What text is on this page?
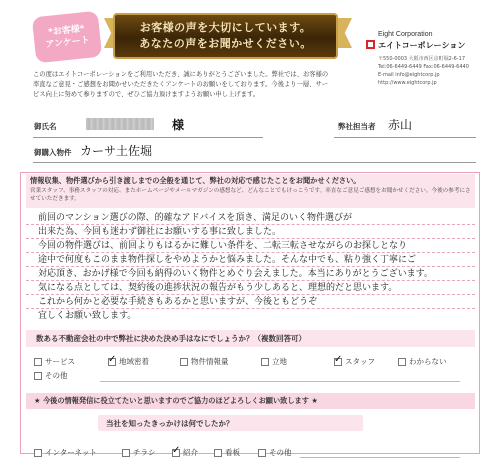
*お客様*
アンケート
お客様の声を大切にしています。
あなたの声をお聞かせください。
Eight Corporation
エイトコーポレーション
〒550-0003 大阪市西区京町堀2-6-17
Tel:06-6449-6449 Fax:06-6449-6440
E-mail info@eightcorp.jp
http://www.eightcorp.jp
この度はエイトコーポレーションをご利用いただき、誠にありがとうございました。弊社では、お客様の率直なご意見・ご感想をお聞かせいただきたくアンケートのお願いをしております。今後より一層、サービス向上に努めて参りますので、ぜひご協力頂けますようお願い申し上げます。
御氏名	様	弊社担当者 赤山
御購入物件 カーサ土佐堀
情報収集、物件選びから引き渡しまでの全般を通じて、弊社の対応で感じたことをお聞かせください。
営業スタッフ、事務スタッフの対応、またホームページやメールマガジンの感想など、どんなことでもけっこうです。率直なご意見ご感想をお聞かせください。今後の参考にさせていただきます。
前回のマンション選びの際、的確なアドバイスを頂き、満足のいく物件選びが
出来た為、今回も迷わず御社にお願いする事に致しました。
今回の物件選びは、前回よりもはるかに難しい条件を、二転三転させながらのお探しとなり
途中で何度もこのまま物件探しをやめようかと悩みました。そんな中でも、粘り強く丁寧にご
対応頂き、おかげ様で今回も納得のいく物件とめぐり会えました。本当にありがとうございます。
気になる点としては、契約後の進捗状況の報告がもう少しあると、理想的だと思います。
これから何かと必要な手続きもあるかと思いますが、今後ともどうぞ
宜しくお願い致します。
数ある不動産会社の中で弊社に決めた決め手はなにでしょうか？（複数回答可）
サービス ✓	地域密着	物件情報量	立地 ✓	スタッフ	わからない
その他
★ 今後の情報発信に役立てたいと思いますのでご協力のほどよろしくお願い致します ★
当社を知ったきっかけは何でしたか？
インターネット	チラシ ✓	紹介	看板	その他
